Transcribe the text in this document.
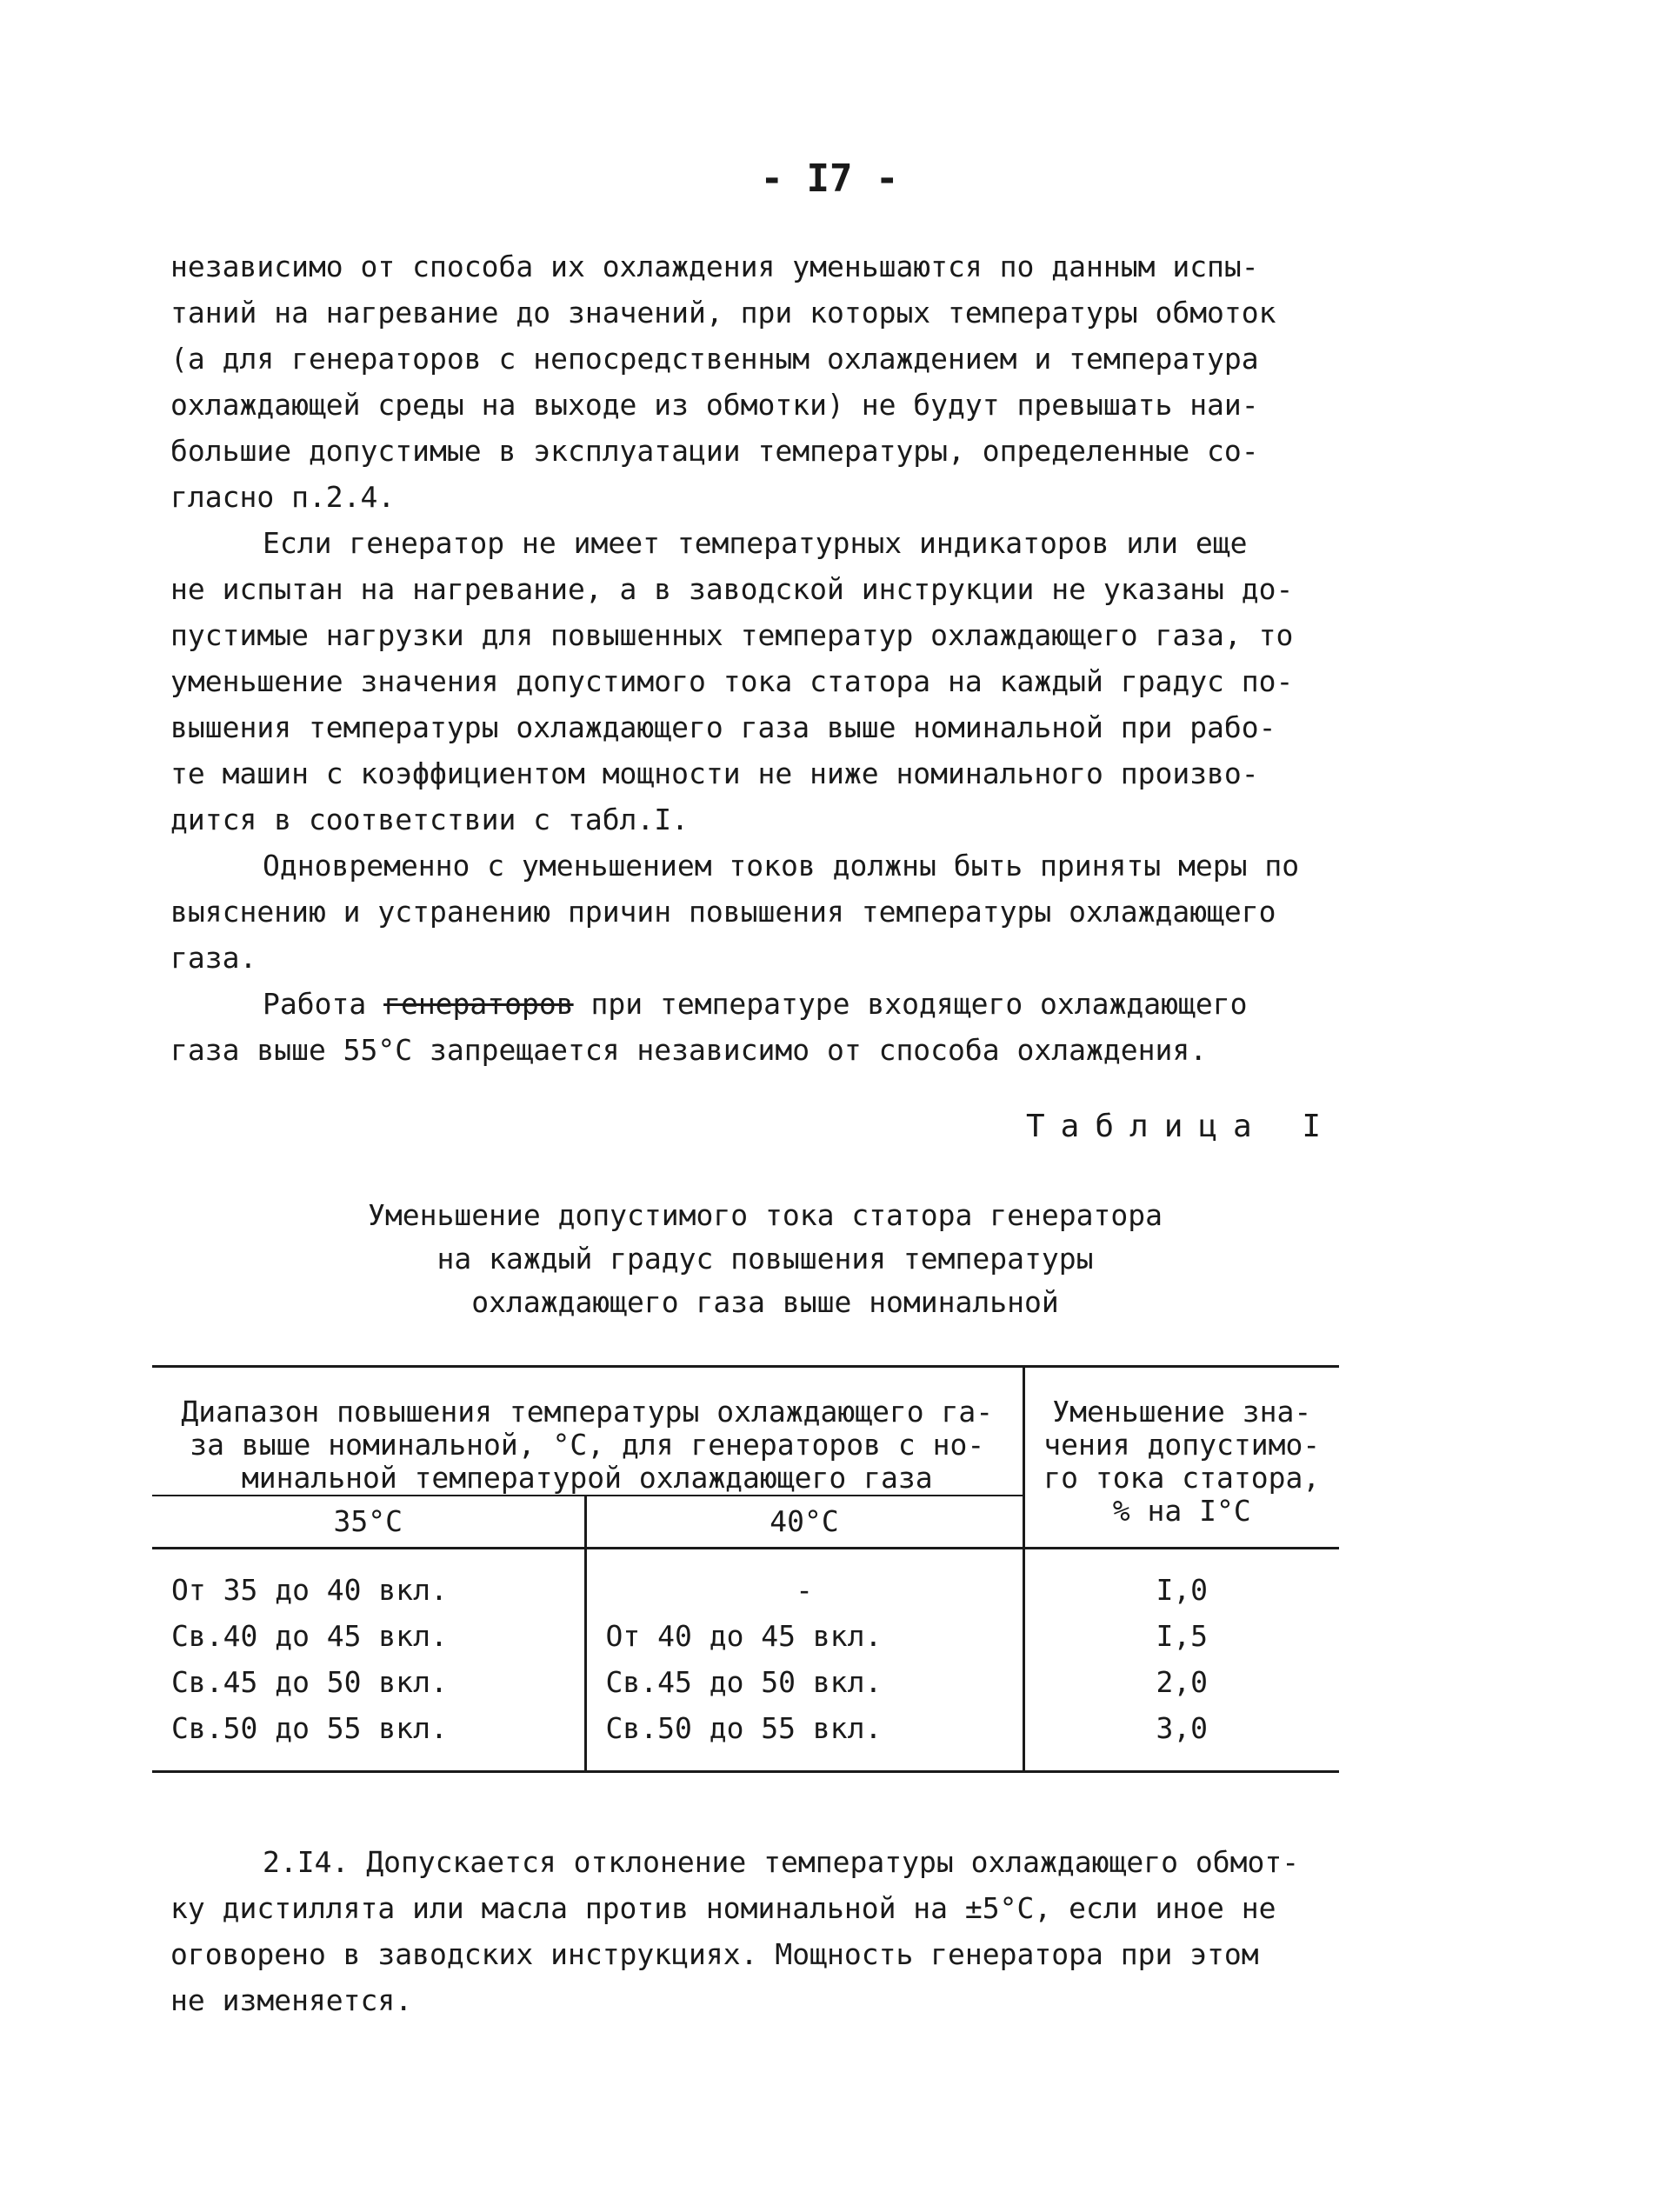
- I7 -

независимо от способа их охлаждения уменьшаются по данным испы-
таний на нагревание до значений, при которых температуры обмоток
(а для генераторов с непосредственным охлаждением и температура
охлаждающей среды на выходе из обмотки) не будут превышать наи-
большие допустимые в эксплуатации температуры, определенные со-
гласно п.2.4.

Если генератор не имеет температурных индикаторов или еще
не испытан на нагревание, а в заводской инструкции не указаны до-
пустимые нагрузки для повышенных температур охлаждающего газа, то
уменьшение значения допустимого тока статора на каждый градус по-
вышения температуры охлаждающего газа выше номинальной при рабо-
те машин с коэффициентом мощности не ниже номинального произво-
дится в соответствии с табл.I.

Одновременно с уменьшением токов должны быть приняты меры по
выяснению и устранению причин повышения температуры охлаждающего
газа.

Работа генераторов при температуре входящего охлаждающего
газа выше 55°С запрещается независимо от способа охлаждения.

Таблица I
Уменьшение допустимого тока статора генератора
на каждый градус повышения температуры
охлаждающего газа выше номинальной
Диапазон повышения температуры охлаждающего га-
за выше номинальной, °С, для генераторов с но-
минальной температурой охлаждающего газа		Уменьшение зна-
чения допустимо-
го тока статора,
% на I°С
35°С	40°С	
От 35 до 40 вкл.	-	I,0
Св.40 до 45 вкл.	От 40 до 45 вкл.	I,5
Св.45 до 50 вкл.	Св.45 до 50 вкл.	2,0
Св.50 до 55 вкл.	Св.50 до 55 вкл.	3,0

2.I4. Допускается отклонение температуры охлаждающего обмот-
ку дистиллята или масла против номинальной на ±5°С, если иное не
оговорено в заводских инструкциях. Мощность генератора при этом
не изменяется.
